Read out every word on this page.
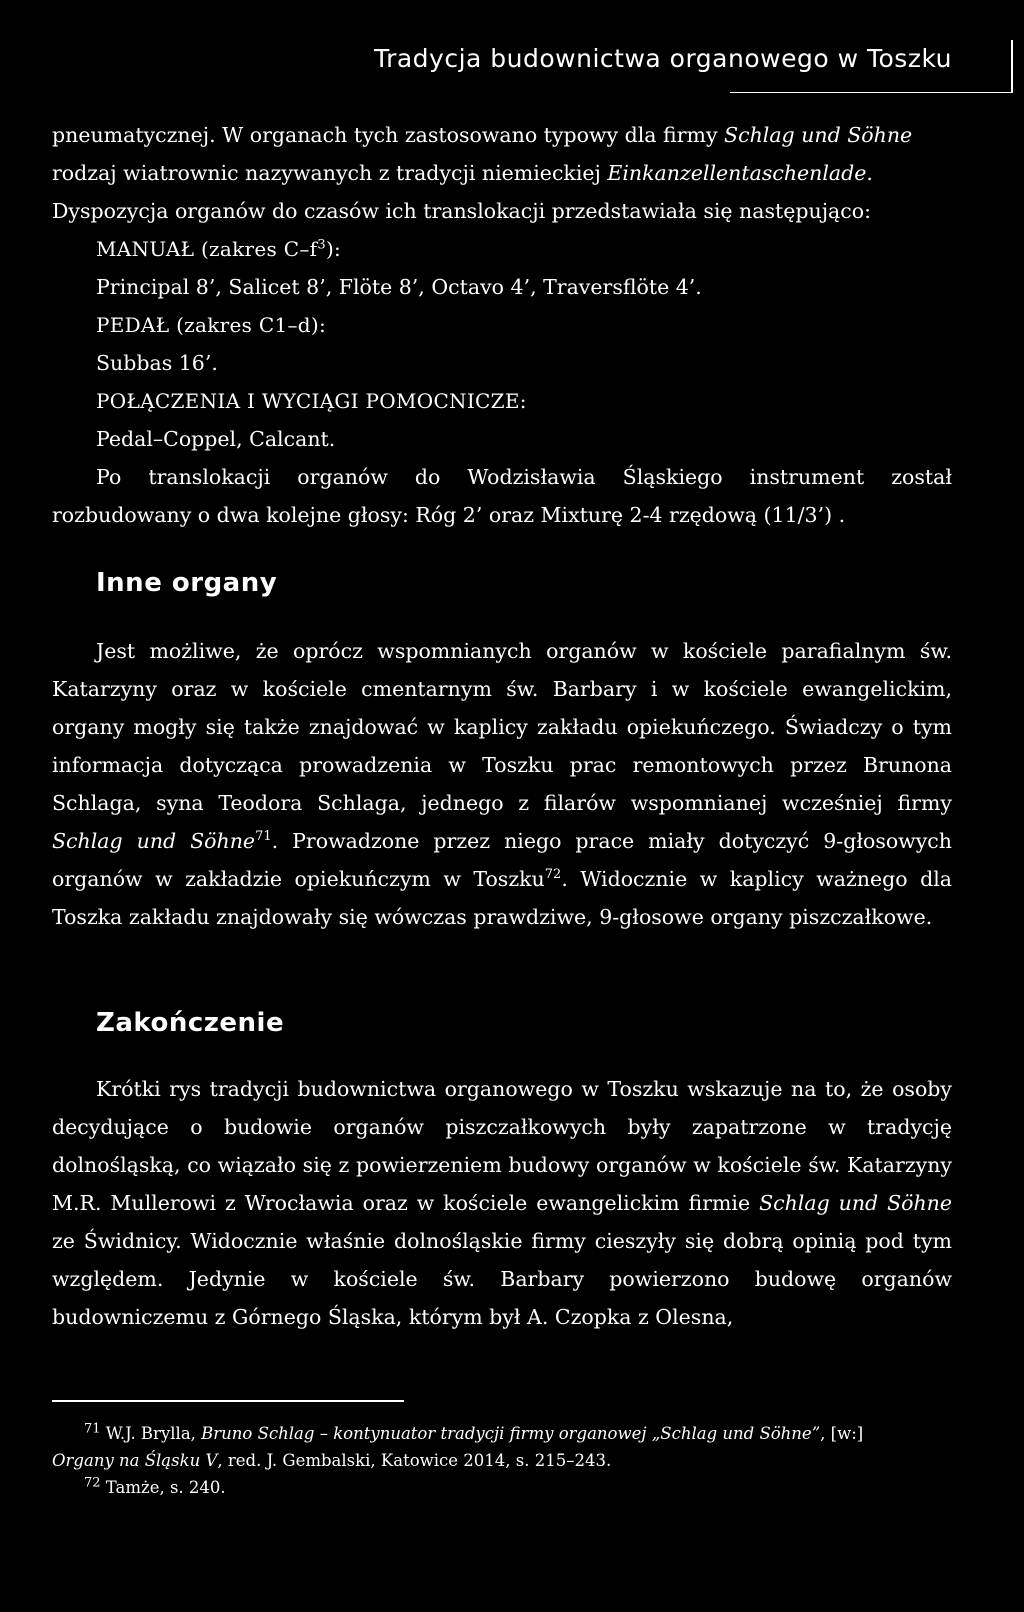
Tradycja budownictwa organowego w Toszku

pneumatycznej. W organach tych zastosowano typowy dla firmy Schlag und Söhne

rodzaj wiatrownic nazywanych z tradycji niemieckiej Einkanzellentaschenlade.

Dyspozycja organów do czasów ich translokacji przedstawiała się następująco:

MANUAŁ (zakres $C-f^3$):

Principal 8’, Salicet 8’, Flöte 8’, Octavo 4’, Traversflöte 4’.

PEDAŁ (zakres C1–d):

Subbas 16’.

POŁĄCZENIA I WYCIĄGI POMOCNICZE:

Pedal–Coppel, Calcant.

Po translokacji organów do Wodzisławia Śląskiego instrument został rozbudowany o dwa kolejne głosy: Róg 2’ oraz Mixturę 2-4 rzędową (11/3’) .

Inne organy

Jest możliwe, że oprócz wspomnianych organów w kościele parafialnym św. Katarzyny oraz w kościele cmentarnym św. Barbary i w kościele ewangelickim, organy mogły się także znajdować w kaplicy zakładu opiekuńczego. Świadczy o tym informacja dotycząca prowadzenia w Toszku prac remontowych przez Brunona Schlaga, syna Teodora Schlaga, jednego z filarów wspomnianej wcześniej firmy Schlag und Söhne$^{71}$. Prowadzone przez niego prace miały dotyczyć 9-głosowych organów w zakładzie opiekuńczym w Toszku$^{72}$. Widocznie w kaplicy ważnego dla Toszka zakładu znajdowały się wówczas prawdziwe, 9-głosowe organy piszczałkowe.

Zakończenie

Krótki rys tradycji budownictwa organowego w Toszku wskazuje na to, że osoby decydujące o budowie organów piszczałkowych były zapatrzone w tradycję dolnośląską, co wiązało się z powierzeniem budowy organów w kościele św. Katarzyny M.R. Mullerowi z Wrocławia oraz w kościele ewangelickim firmie Schlag und Söhne ze Świdnicy. Widocznie właśnie dolnośląskie firmy cieszyły się dobrą opinią pod tym względem. Jedynie w kościele św. Barbary powierzono budowę organów budowniczemu z Górnego Śląska, którym był A. Czopka z Olesna,

$^{71}$ W.J. Brylla, Bruno Schlag – kontynuator tradycji firmy organowej „Schlag und Söhne”, [w:]

Organy na Śląsku V, red. J. Gembalski, Katowice 2014, s. 215–243.

$^{72}$ Tamże, s. 240.
